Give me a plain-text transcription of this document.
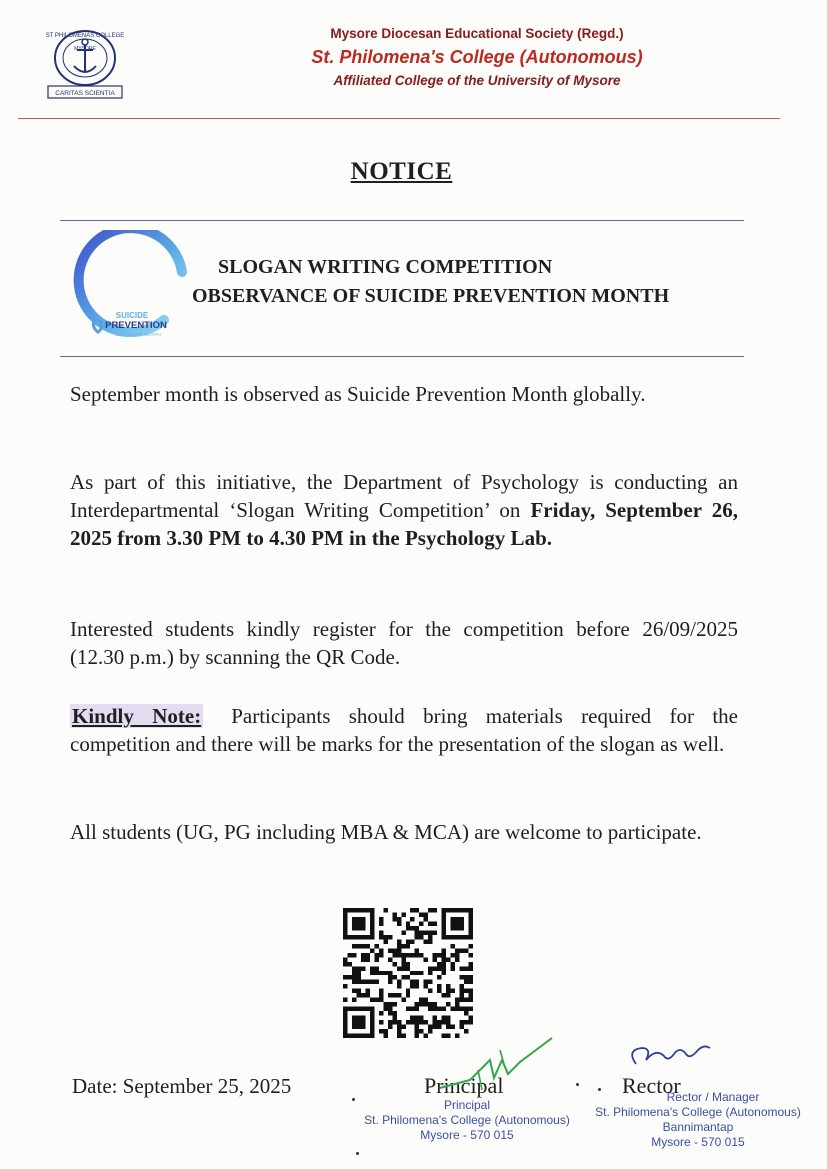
ST PHILOMENAS COLLEGE
MYSORE
CARITAS SCIENTIA
Mysore Diocesan Educational Society (Regd.)
St. Philomena's College (Autonomous)
Affiliated College of the University of Mysore
NOTICE
SUICIDE
PREVENTION
SEPTEMBER MONTH
SLOGAN WRITING COMPETITION
OBSERVANCE OF SUICIDE PREVENTION MONTH
September month is observed as Suicide Prevention Month globally.
As part of this initiative, the Department of Psychology is conducting an Interdepartmental ‘Slogan Writing Competition’ on Friday, September 26, 2025 from 3.30 PM to 4.30 PM in the Psychology Lab.
Interested students kindly register for the competition before 26/09/2025 (12.30 p.m.) by scanning the QR Code.
Kindly Note: Participants should bring materials required for the competition and there will be marks for the presentation of the slogan as well.
All students (UG, PG including MBA & MCA) are welcome to participate.
Date: September 25, 2025	Principal
Principal
St. Philomena's College (Autonomous)
Mysore - 570 015
Rector
Rector / Manager
St. Philomena's College (Autonomous)
Bannimantap
Mysore - 570 015
